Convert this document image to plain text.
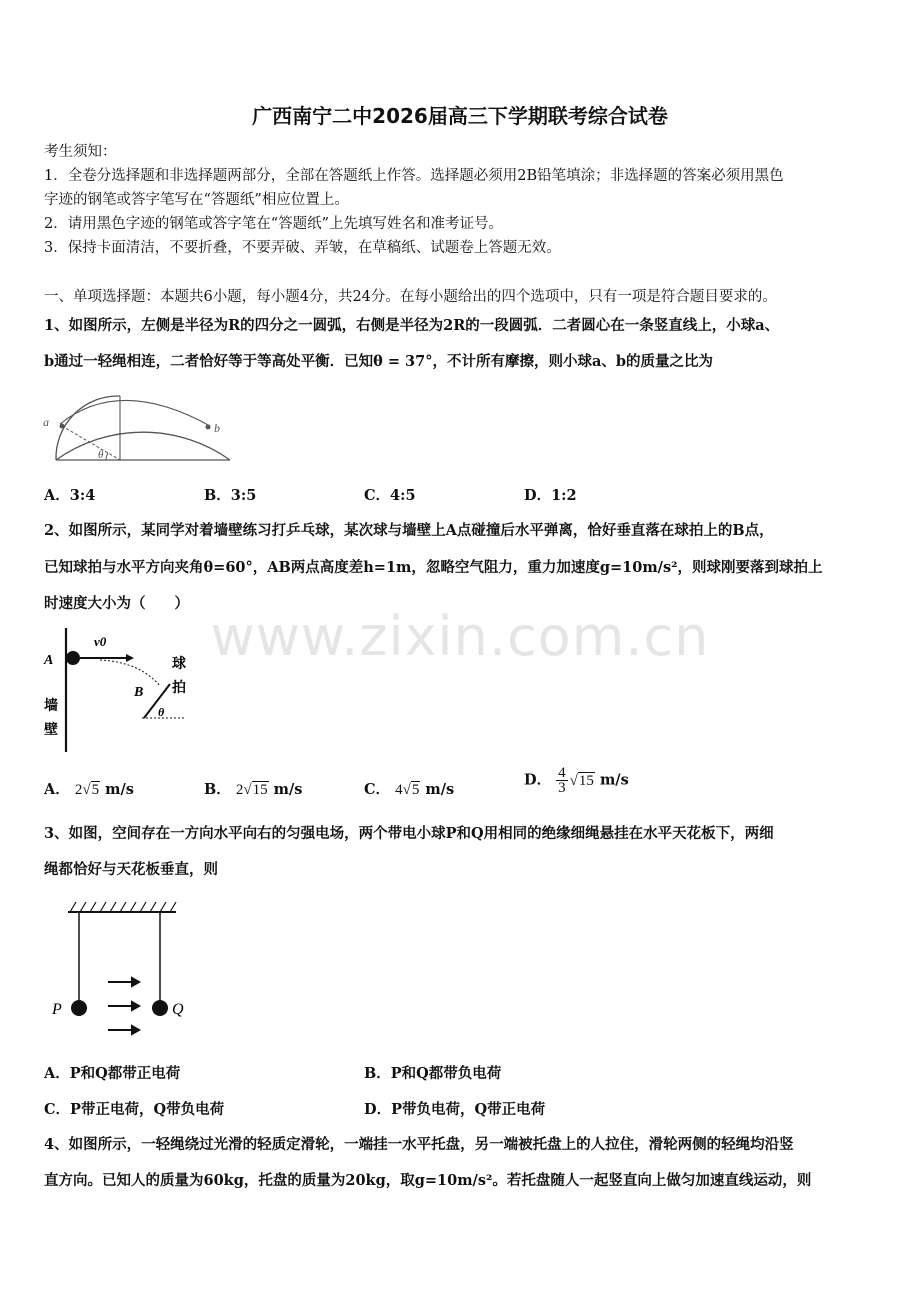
广西南宁二中2026届高三下学期联考综合试卷
考生须知：
1．全卷分选择题和非选择题两部分，全部在答题纸上作答。选择题必须用2B铅笔填涂；非选择题的答案必须用黑色
字迹的钢笔或答字笔写在“答题纸”相应位置上。
2．请用黑色字迹的钢笔或答字笔在“答题纸”上先填写姓名和准考证号。
3．保持卡面清洁，不要折叠，不要弄破、弄皱，在草稿纸、试题卷上答题无效。
一、单项选择题：本题共6小题，每小题4分，共24分。在每小题给出的四个选项中，只有一项是符合题目要求的。
1、如图所示，左侧是半径为R的四分之一圆弧，右侧是半径为2R的一段圆弧．二者圆心在一条竖直线上，小球a、
b通过一轻绳相连，二者恰好等于等高处平衡．已知θ = 37°，不计所有摩擦，则小球a、b的质量之比为
a	b
θ
A．3:4	B．3:5	C．4:5	D．1:2
2、如图所示，某同学对着墙壁练习打乒乓球，某次球与墙壁上A点碰撞后水平弹离，恰好垂直落在球拍上的B点，
已知球拍与水平方向夹角θ=60°，AB两点高度差h=1m，忽略空气阻力，重力加速度g=10m/s²，则球刚要落到球拍上
时速度大小为（　　）
A
v0
B
θ
球
拍
墙
壁
A． 2√5 m/s	B． 2√15 m/s	C． 4√5 m/s
D． $\frac{4}{3} √15$ m/s
3、如图，空间存在一方向水平向右的匀强电场，两个带电小球P和Q用相同的绝缘细绳悬挂在水平天花板下，两细
绳都恰好与天花板垂直，则
P	Q
A．P和Q都带正电荷	B．P和Q都带负电荷
C．P带正电荷，Q带负电荷	D．P带负电荷，Q带正电荷
4、如图所示，一轻绳绕过光滑的轻质定滑轮，一端挂一水平托盘，另一端被托盘上的人拉住，滑轮两侧的轻绳均沿竖
直方向。已知人的质量为60kg，托盘的质量为20kg，取g=10m/s²。若托盘随人一起竖直向上做匀加速直线运动，则
www.zixin.com.cn
